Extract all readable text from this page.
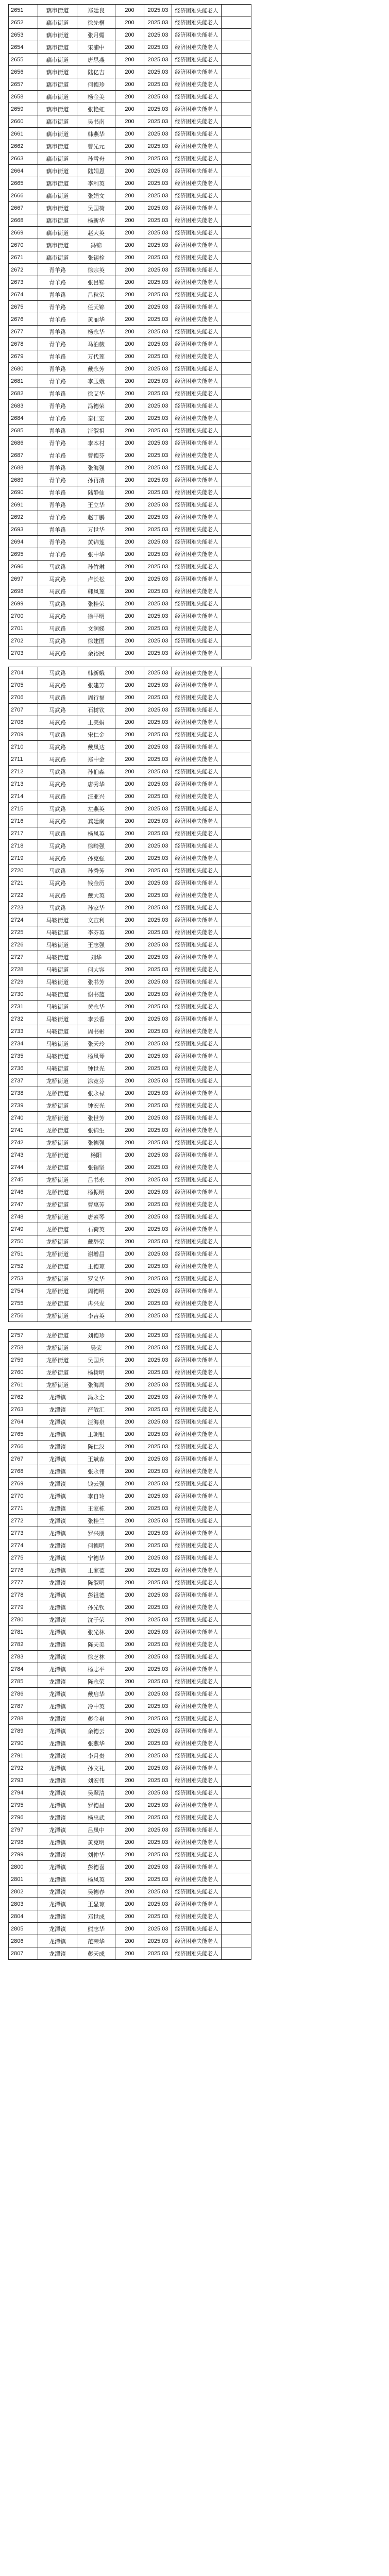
2651	藕市街道	郑廷良	200	2025.03	经济困难失能老人
2652	藕市街道	徐先桐	200	2025.03	经济困难失能老人
2653	藕市街道	张月媚	200	2025.03	经济困难失能老人
2654	藕市街道	宋浦中	200	2025.03	经济困难失能老人
2655	藕市街道	唐思燕	200	2025.03	经济困难失能老人
2656	藕市街道	陆亿吉	200	2025.03	经济困难失能老人
2657	藕市街道	何德珍	200	2025.03	经济困难失能老人
2658	藕市街道	杨金美	200	2025.03	经济困难失能老人
2659	藕市街道	张艳虹	200	2025.03	经济困难失能老人
2660	藕市街道	吴书南	200	2025.03	经济困难失能老人
2661	藕市街道	韩燕华	200	2025.03	经济困难失能老人
2662	藕市街道	曹先元	200	2025.03	经济困难失能老人
2663	藕市街道	孙雪舟	200	2025.03	经济困难失能老人
2664	藕市街道	陆娟恩	200	2025.03	经济困难失能老人
2665	藕市街道	李利英	200	2025.03	经济困难失能老人
2666	藕市街道	张娟文	200	2025.03	经济困难失能老人
2667	藕市街道	吴国荷	200	2025.03	经济困难失能老人
2668	藕市街道	杨新华	200	2025.03	经济困难失能老人
2669	藕市街道	赵大英	200	2025.03	经济困难失能老人
2670	藕市街道	冯锦	200	2025.03	经济困难失能老人
2671	藕市街道	张锡栓	200	2025.03	经济困难失能老人
2672	青羊路	徐宗英	200	2025.03	经济困难失能老人
2673	青羊路	张吕锦	200	2025.03	经济困难失能老人
2674	青羊路	吕秋荣	200	2025.03	经济困难失能老人
2675	青羊路	任天锦	200	2025.03	经济困难失能老人
2676	青羊路	黄丽华	200	2025.03	经济困难失能老人
2677	青羊路	杨永华	200	2025.03	经济困难失能老人
2678	青羊路	马泊薇	200	2025.03	经济困难失能老人
2679	青羊路	万代莲	200	2025.03	经济困难失能老人
2680	青羊路	戴永芳	200	2025.03	经济困难失能老人
2681	青羊路	李玉娥	200	2025.03	经济困难失能老人
2682	青羊路	徐艾华	200	2025.03	经济困难失能老人
2683	青羊路	冯德荣	200	2025.03	经济困难失能老人
2684	青羊路	泰仁宏	200	2025.03	经济困难失能老人
2685	青羊路	汪淑祖	200	2025.03	经济困难失能老人
2686	青羊路	李本村	200	2025.03	经济困难失能老人
2687	青羊路	曹德芬	200	2025.03	经济困难失能老人
2688	青羊路	张海强	200	2025.03	经济困难失能老人
2689	青羊路	孙再清	200	2025.03	经济困难失能老人
2690	青羊路	陆静仙	200	2025.03	经济困难失能老人
2691	青羊路	王立华	200	2025.03	经济困难失能老人
2692	青羊路	赵丁鹏	200	2025.03	经济困难失能老人
2693	青羊路	万世华	200	2025.03	经济困难失能老人
2694	青羊路	黄锦莲	200	2025.03	经济困难失能老人
2695	青羊路	张中华	200	2025.03	经济困难失能老人
2696	马武路	孙竹琳	200	2025.03	经济困难失能老人
2697	马武路	卢长松	200	2025.03	经济困难失能老人
2698	马武路	韩风莲	200	2025.03	经济困难失能老人
2699	马武路	张桂荣	200	2025.03	经济困难失能老人
2700	马武路	徐平明	200	2025.03	经济困难失能老人
2701	马武路	文润娣	200	2025.03	经济困难失能老人
2702	马武路	徐建国	200	2025.03	经济困难失能老人
2703	马武路	余裕民	200	2025.03	经济困难失能老人
2704	马武路	韩新娥	200	2025.03	经济困难失能老人
2705	马武路	张建芳	200	2025.03	经济困难失能老人
2706	马武路	周行福	200	2025.03	经济困难失能老人
2707	马武路	石树钦	200	2025.03	经济困难失能老人
2708	马武路	王美娟	200	2025.03	经济困难失能老人
2709	马武路	宋仁金	200	2025.03	经济困难失能老人
2710	马武路	戴凤达	200	2025.03	经济困难失能老人
2711	马武路	郑中金	200	2025.03	经济困难失能老人
2712	马武路	孙伯森	200	2025.03	经济困难失能老人
2713	马武路	唐秀华	200	2025.03	经济困难失能老人
2714	马武路	汪亚兴	200	2025.03	经济困难失能老人
2715	马武路	左燕英	200	2025.03	经济困难失能老人
2716	马武路	龚廷南	200	2025.03	经济困难失能老人
2717	马武路	杨凤英	200	2025.03	经济困难失能老人
2718	马武路	徐畸强	200	2025.03	经济困难失能老人
2719	马武路	孙克强	200	2025.03	经济困难失能老人
2720	马武路	孙秀芳	200	2025.03	经济困难失能老人
2721	马武路	钱金历	200	2025.03	经济困难失能老人
2722	马武路	戴大英	200	2025.03	经济困难失能老人
2723	马武路	孙家华	200	2025.03	经济困难失能老人
2724	马鞍街道	文宣利	200	2025.03	经济困难失能老人
2725	马鞍街道	李芬英	200	2025.03	经济困难失能老人
2726	马鞍街道	王志强	200	2025.03	经济困难失能老人
2727	马鞍街道	刘华	200	2025.03	经济困难失能老人
2728	马鞍街道	何大容	200	2025.03	经济困难失能老人
2729	马鞍街道	张书芳	200	2025.03	经济困难失能老人
2730	马鞍街道	谢书蓝	200	2025.03	经济困难失能老人
2731	马鞍街道	黄永华	200	2025.03	经济困难失能老人
2732	马鞍街道	李云香	200	2025.03	经济困难失能老人
2733	马鞍街道	周书彬	200	2025.03	经济困难失能老人
2734	马鞍街道	张天玲	200	2025.03	经济困难失能老人
2735	马鞍街道	杨风琴	200	2025.03	经济困难失能老人
2736	马鞍街道	钟世光	200	2025.03	经济困难失能老人
2737	龙桥街道	涂宽芬	200	2025.03	经济困难失能老人
2738	龙桥街道	张永禄	200	2025.03	经济困难失能老人
2739	龙桥街道	钟宏光	200	2025.03	经济困难失能老人
2740	龙桥街道	张世芳	200	2025.03	经济困难失能老人
2741	龙桥街道	张锦生	200	2025.03	经济困难失能老人
2742	龙桥街道	张德强	200	2025.03	经济困难失能老人
2743	龙桥街道	杨阳	200	2025.03	经济困难失能老人
2744	龙桥街道	张锡坚	200	2025.03	经济困难失能老人
2745	龙桥街道	吕书永	200	2025.03	经济困难失能老人
2746	龙桥街道	杨振明	200	2025.03	经济困难失能老人
2747	龙桥街道	曹惠芳	200	2025.03	经济困难失能老人
2748	龙桥街道	唐素琴	200	2025.03	经济困难失能老人
2749	龙桥街道	石荷英	200	2025.03	经济困难失能老人
2750	龙桥街道	戴辞荣	200	2025.03	经济困难失能老人
2751	龙桥街道	谢增昌	200	2025.03	经济困难失能老人
2752	龙桥街道	王德琼	200	2025.03	经济困难失能老人
2753	龙桥街道	罗义华	200	2025.03	经济困难失能老人
2754	龙桥街道	周德明	200	2025.03	经济困难失能老人
2755	龙桥街道	冉兴友	200	2025.03	经济困难失能老人
2756	龙桥街道	李吉英	200	2025.03	经济困难失能老人
2757	龙桥街道	刘德珍	200	2025.03	经济困难失能老人
2758	龙桥街道	吴荣	200	2025.03	经济困难失能老人
2759	龙桥街道	吴国兵	200	2025.03	经济困难失能老人
2760	龙桥街道	杨树明	200	2025.03	经济困难失能老人
2761	龙桥街道	张海周	200	2025.03	经济困难失能老人
2762	龙潭镇	冯永全	200	2025.03	经济困难失能老人
2763	龙潭镇	严敏汇	200	2025.03	经济困难失能老人
2764	龙潭镇	汪海泉	200	2025.03	经济困难失能老人
2765	龙潭镇	王朝银	200	2025.03	经济困难失能老人
2766	龙潭镇	陈仁汉	200	2025.03	经济困难失能老人
2767	龙潭镇	王斌森	200	2025.03	经济困难失能老人
2768	龙潭镇	张永伟	200	2025.03	经济困难失能老人
2769	龙潭镇	钱云强	200	2025.03	经济困难失能老人
2770	龙潭镇	李自玲	200	2025.03	经济困难失能老人
2771	龙潭镇	王家栋	200	2025.03	经济困难失能老人
2772	龙潭镇	张桂兰	200	2025.03	经济困难失能老人
2773	龙潭镇	罗兴朋	200	2025.03	经济困难失能老人
2774	龙潭镇	何德明	200	2025.03	经济困难失能老人
2775	龙潭镇	宁德华	200	2025.03	经济困难失能老人
2776	龙潭镇	王家德	200	2025.03	经济困难失能老人
2777	龙潭镇	陈淑明	200	2025.03	经济困难失能老人
2778	龙潭镇	彭祖德	200	2025.03	经济困难失能老人
2779	龙潭镇	孙光钦	200	2025.03	经济困难失能老人
2780	龙潭镇	沈于荣	200	2025.03	经济困难失能老人
2781	龙潭镇	张光林	200	2025.03	经济困难失能老人
2782	龙潭镇	陈天美	200	2025.03	经济困难失能老人
2783	龙潭镇	徐芝林	200	2025.03	经济困难失能老人
2784	龙潭镇	杨志平	200	2025.03	经济困难失能老人
2785	龙潭镇	陈永荣	200	2025.03	经济困难失能老人
2786	龙潭镇	戴启华	200	2025.03	经济困难失能老人
2787	龙潭镇	冷中英	200	2025.03	经济困难失能老人
2788	龙潭镇	彭金泉	200	2025.03	经济困难失能老人
2789	龙潭镇	余德云	200	2025.03	经济困难失能老人
2790	龙潭镇	张燕华	200	2025.03	经济困难失能老人
2791	龙潭镇	李月贵	200	2025.03	经济困难失能老人
2792	龙潭镇	孙文礼	200	2025.03	经济困难失能老人
2793	龙潭镇	刘宏伟	200	2025.03	经济困难失能老人
2794	龙潭镇	吴翠清	200	2025.03	经济困难失能老人
2795	龙潭镇	罗德昌	200	2025.03	经济困难失能老人
2796	龙潭镇	杨忠武	200	2025.03	经济困难失能老人
2797	龙潭镇	吕凤中	200	2025.03	经济困难失能老人
2798	龙潭镇	黄克明	200	2025.03	经济困难失能老人
2799	龙潭镇	刘仲华	200	2025.03	经济困难失能老人
2800	龙潭镇	彭德喜	200	2025.03	经济困难失能老人
2801	龙潭镇	杨凤英	200	2025.03	经济困难失能老人
2802	龙潭镇	吴德春	200	2025.03	经济困难失能老人
2803	龙潭镇	王显琼	200	2025.03	经济困难失能老人
2804	龙潭镇	邓世成	200	2025.03	经济困难失能老人
2805	龙潭镇	熊志华	200	2025.03	经济困难失能老人
2806	龙潭镇	范荣华	200	2025.03	经济困难失能老人
2807	龙潭镇	彭天成	200	2025.03	经济困难失能老人
